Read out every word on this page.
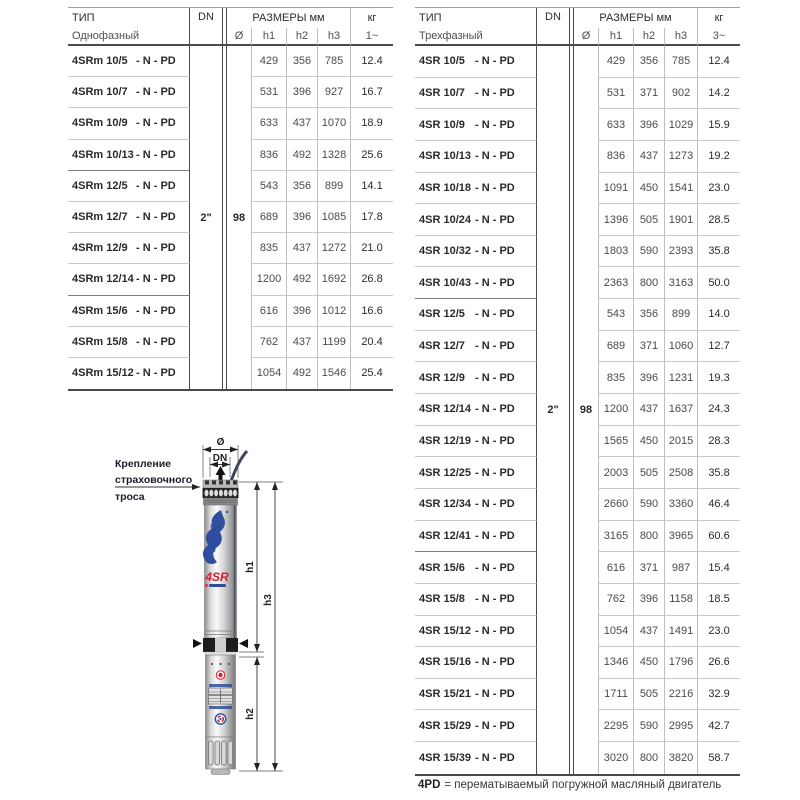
ТИП	DN		РАЗМЕРЫ мм				кг
Однофазный			Ø	h1	h2	h3	1~
4SRm 10/5 - N - PD	2"		98	429	356	785	12.4
4SRm 10/7 - N - PD				531	396	927	16.7
4SRm 10/9 - N - PD				633	437	1070	18.9
4SRm 10/13 - N - PD				836	492	1328	25.6
4SRm 12/5 - N - PD				543	356	899	14.1
4SRm 12/7 - N - PD				689	396	1085	17.8
4SRm 12/9 - N - PD				835	437	1272	21.0
4SRm 12/14 - N - PD				1200	492	1692	26.8
4SRm 15/6 - N - PD				616	396	1012	16.6
4SRm 15/8 - N - PD				762	437	1199	20.4
4SRm 15/12 - N - PD				1054	492	1546	25.4
ТИП	DN		РАЗМЕРЫ мм				кг
Трехфазный			Ø	h1	h2	h3	3~
4SR 10/5 - N - PD	2"		98	429	356	785	12.4
4SR 10/7 - N - PD				531	371	902	14.2
4SR 10/9 - N - PD				633	396	1029	15.9
4SR 10/13 - N - PD				836	437	1273	19.2
4SR 10/18 - N - PD				1091	450	1541	23.0
4SR 10/24 - N - PD				1396	505	1901	28.5
4SR 10/32 - N - PD				1803	590	2393	35.8
4SR 10/43 - N - PD				2363	800	3163	50.0
4SR 12/5 - N - PD				543	356	899	14.0
4SR 12/7 - N - PD				689	371	1060	12.7
4SR 12/9 - N - PD				835	396	1231	19.3
4SR 12/14 - N - PD				1200	437	1637	24.3
4SR 12/19 - N - PD				1565	450	2015	28.3
4SR 12/25 - N - PD				2003	505	2508	35.8
4SR 12/34 - N - PD				2660	590	3360	46.4
4SR 12/41 - N - PD				3165	800	3965	60.6
4SR 15/6 - N - PD				616	371	987	15.4
4SR 15/8 - N - PD				762	396	1158	18.5
4SR 15/12 - N - PD				1054	437	1491	23.0
4SR 15/16 - N - PD				1346	450	1796	26.6
4SR 15/21 - N - PD				1711	505	2216	32.9
4SR 15/29 - N - PD				2295	590	2995	42.7
4SR 15/39 - N - PD				3020	800	3820	58.7
4PD = перематываемый погружной масляный двигатель
Крепление
страховочного
троса
4SR
Ø
DN
h1
h2
h3
